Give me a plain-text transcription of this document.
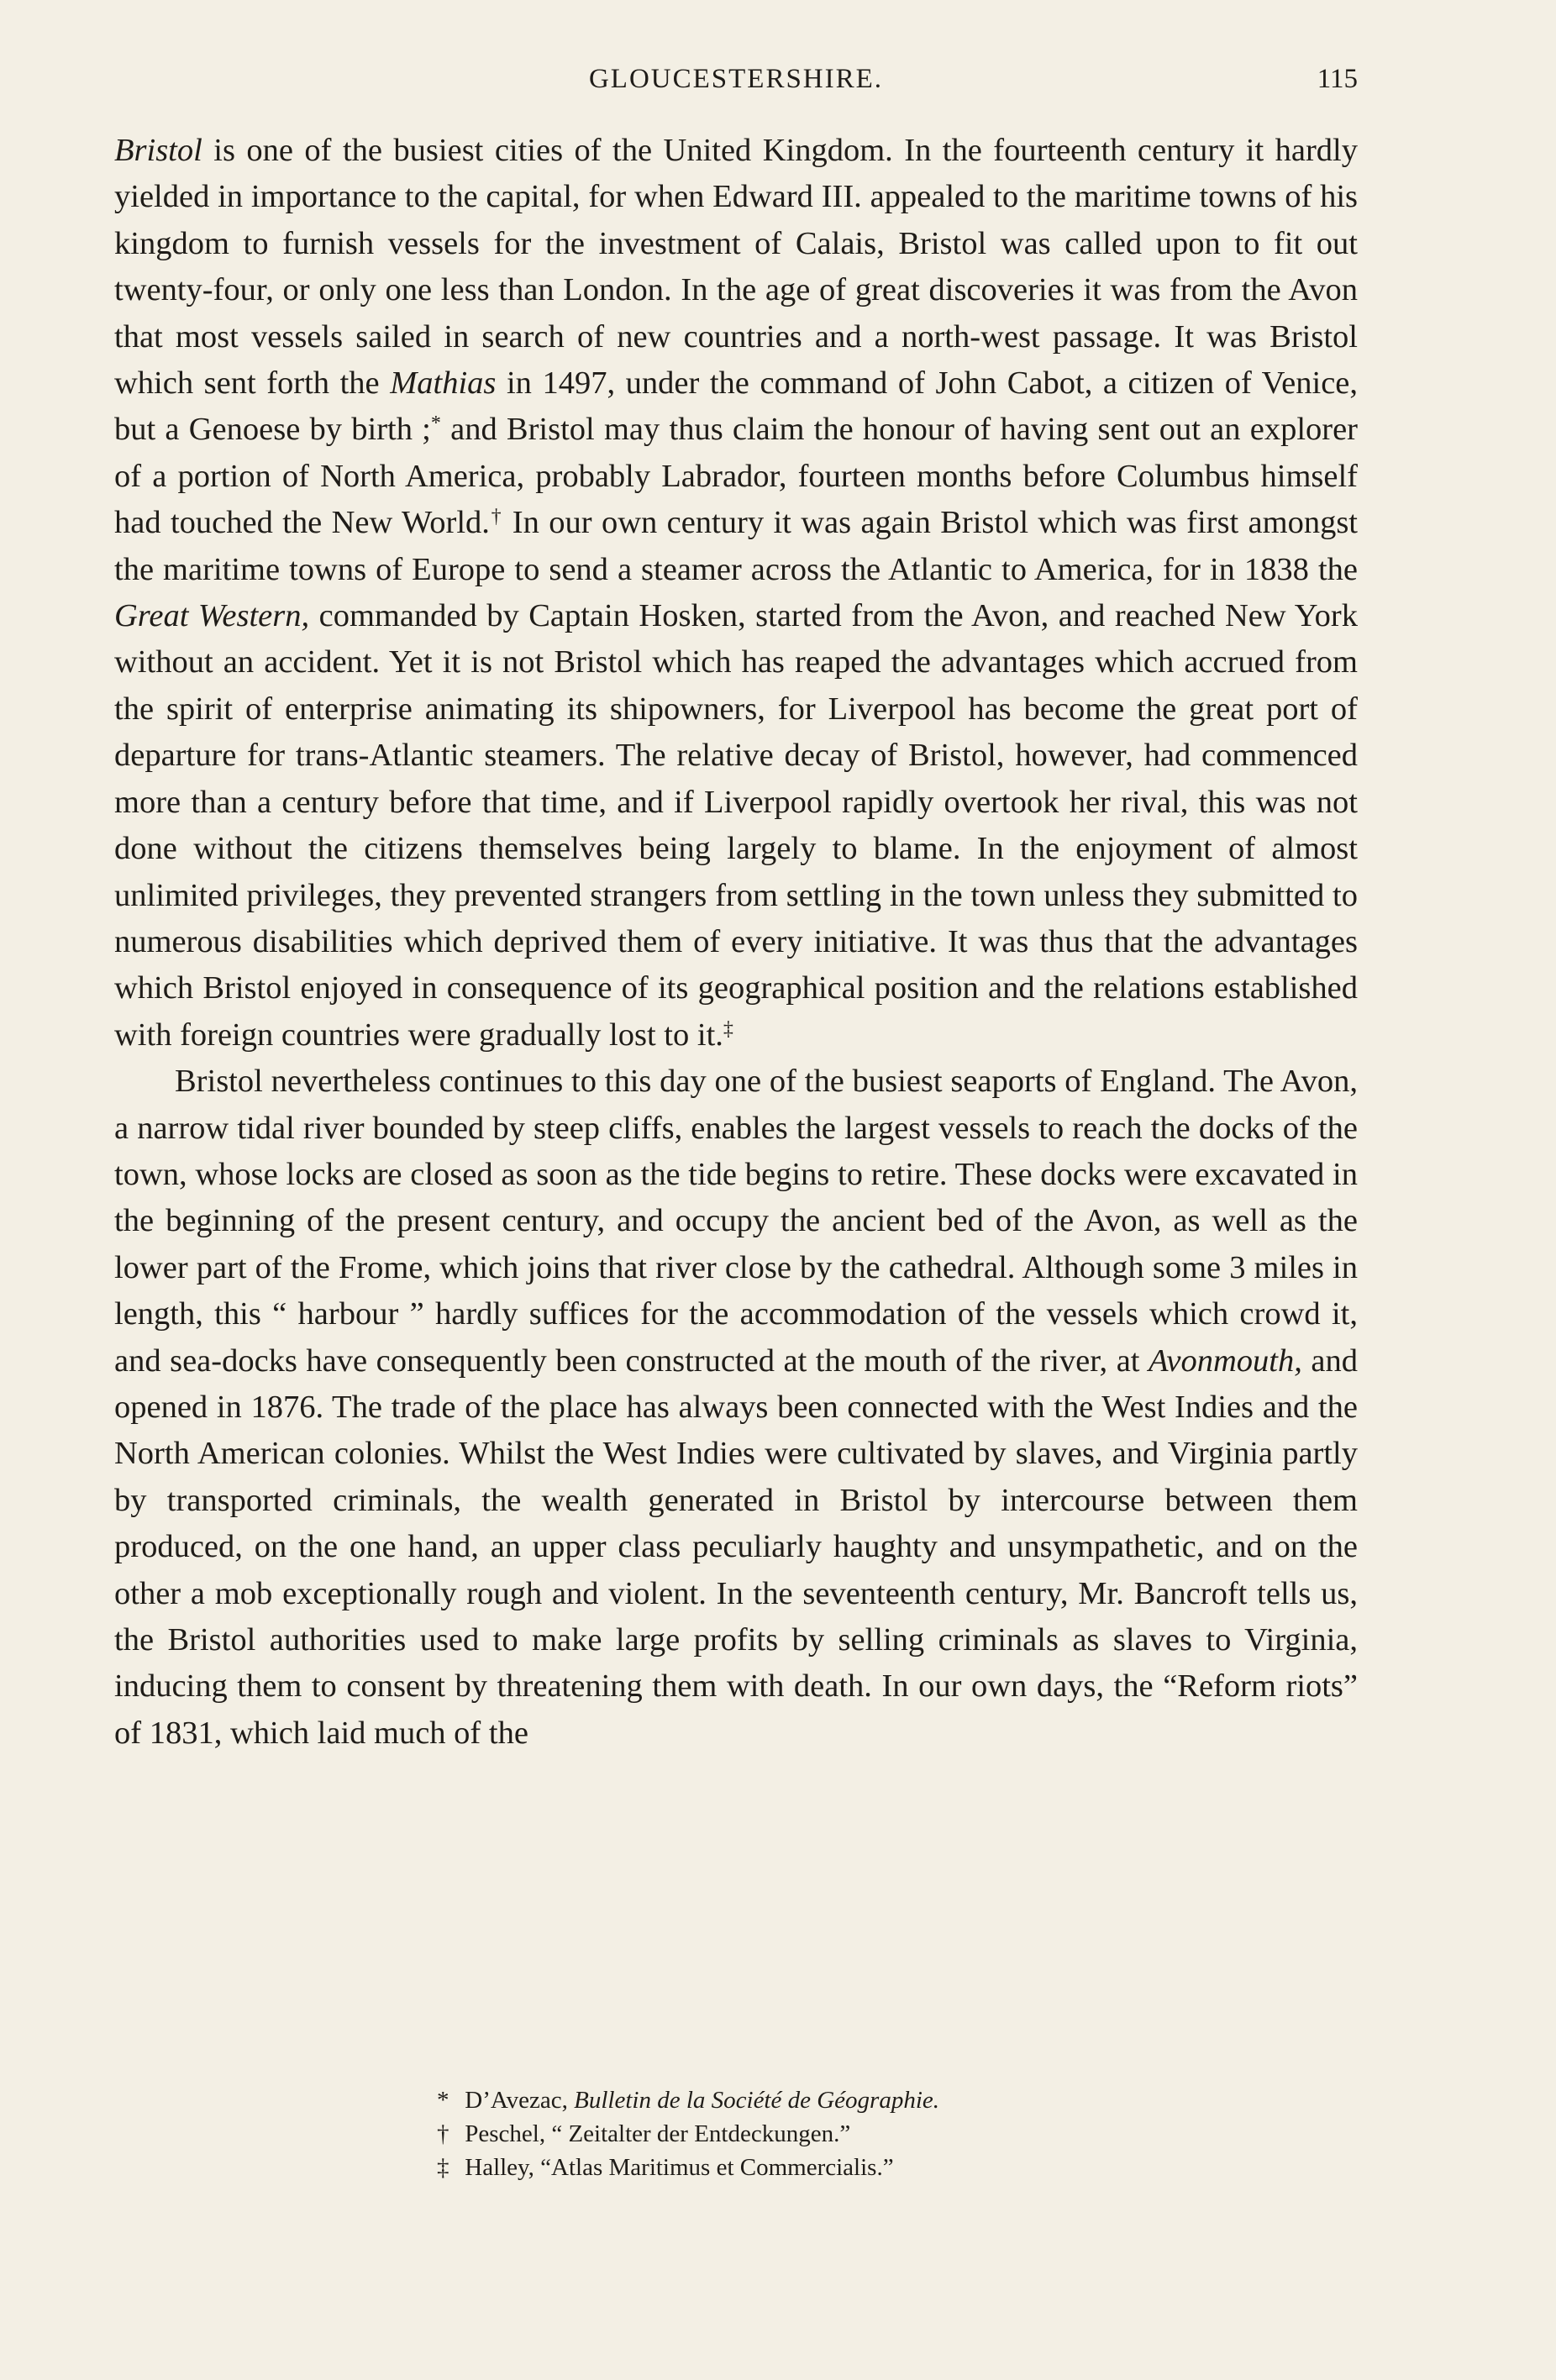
GLOUCESTERSHIRE.	115

Bristol is one of the busiest cities of the United Kingdom. In the fourteenth century it hardly yielded in importance to the capital, for when Edward III. appealed to the maritime towns of his kingdom to furnish vessels for the investment of Calais, Bristol was called upon to fit out twenty-four, or only one less than London. In the age of great discoveries it was from the Avon that most vessels sailed in search of new countries and a north-west passage. It was Bristol which sent forth the Mathias in 1497, under the command of John Cabot, a citizen of Venice, but a Genoese by birth ;* and Bristol may thus claim the honour of having sent out an explorer of a portion of North America, probably Labrador, fourteen months before Columbus himself had touched the New World.† In our own century it was again Bristol which was first amongst the maritime towns of Europe to send a steamer across the Atlantic to America, for in 1838 the Great Western, commanded by Captain Hosken, started from the Avon, and reached New York without an accident. Yet it is not Bristol which has reaped the advantages which accrued from the spirit of enterprise animating its shipowners, for Liverpool has become the great port of departure for trans-Atlantic steamers. The relative decay of Bristol, however, had commenced more than a century before that time, and if Liverpool rapidly overtook her rival, this was not done without the citizens themselves being largely to blame. In the enjoyment of almost unlimited privileges, they prevented strangers from settling in the town unless they submitted to numerous disabilities which deprived them of every initiative. It was thus that the advantages which Bristol enjoyed in consequence of its geographical position and the relations established with foreign countries were gradually lost to it.‡

Bristol nevertheless continues to this day one of the busiest seaports of England. The Avon, a narrow tidal river bounded by steep cliffs, enables the largest vessels to reach the docks of the town, whose locks are closed as soon as the tide begins to retire. These docks were excavated in the beginning of the present century, and occupy the ancient bed of the Avon, as well as the lower part of the Frome, which joins that river close by the cathedral. Although some 3 miles in length, this “ harbour ” hardly suffices for the accommodation of the vessels which crowd it, and sea-docks have consequently been constructed at the mouth of the river, at Avonmouth, and opened in 1876. The trade of the place has always been connected with the West Indies and the North American colonies. Whilst the West Indies were cultivated by slaves, and Virginia partly by transported criminals, the wealth generated in Bristol by intercourse between them produced, on the one hand, an upper class peculiarly haughty and unsympathetic, and on the other a mob exceptionally rough and violent. In the seventeenth century, Mr. Bancroft tells us, the Bristol authorities used to make large profits by selling criminals as slaves to Virginia, inducing them to consent by threatening them with death. In our own days, the “Reform riots” of 1831, which laid much of the

* D’Avezac, Bulletin de la Société de Géographie.
† Peschel, “ Zeitalter der Entdeckungen.”
‡ Halley, “Atlas Maritimus et Commercialis.”
